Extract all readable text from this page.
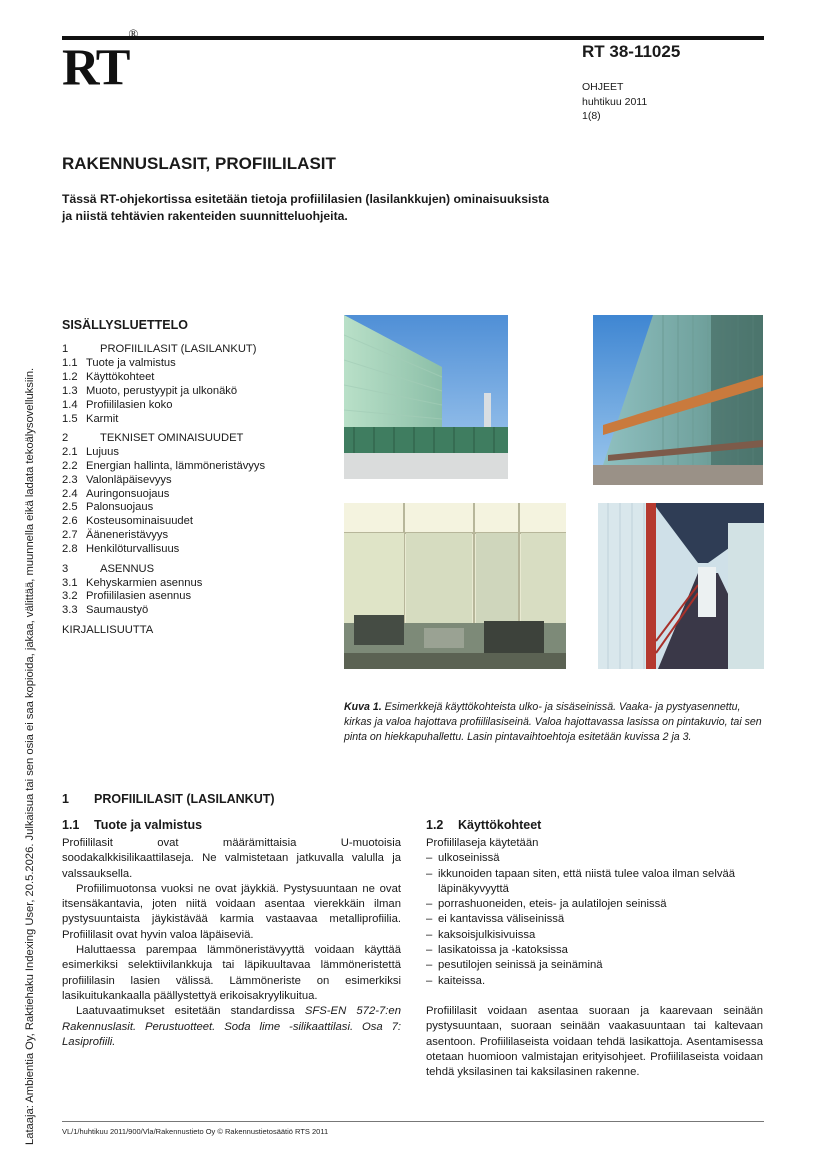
RT®
RT 38-11025
OHJEET
huhtikuu 2011
1(8)
RAKENNUSLASIT, PROFIILILASIT
Tässä RT-ohjekortissa esitetään tietoja profiililasien (lasilankkujen) ominaisuuksista ja niistä tehtävien rakenteiden suunnitteluohjeita.
Lataaja: Ambientia Oy, Raktiehaku Indexing User, 20.5.2026. Julkaisua tai sen osia ei saa kopioida, jakaa, välittää, muunnella eikä ladata tekoälysovelluksiin.
SISÄLLYSLUETTELO
1	PROFIILILASIT (LASILANKUT)
1.1 Tuote ja valmistus
1.2 Käyttökohteet
1.3 Muoto, perustyypit ja ulkonäkö
1.4 Profiililasien koko
1.5 Karmit
2	TEKNISET OMINAISUUDET
2.1 Lujuus
2.2 Energian hallinta, lämmöneristävyys
2.3 Valonläpäisevyys
2.4 Auringonsuojaus
2.5 Palonsuojaus
2.6 Kosteusominaisuudet
2.7 Ääneneristävyys
2.8 Henkilöturvallisuus
3	ASENNUS
3.1 Kehyskarmien asennus
3.2 Profiililasien asennus
3.3 Saumaustyö
KIRJALLISUUTTA
Kuva 1. Esimerkkejä käyttökohteista ulko- ja sisäseinissä. Vaaka- ja pystyasennettu, kirkas ja valoa hajottava profiililasiseinä. Valoa hajottavassa lasissa on pintakuvio, tai sen pinta on hiekkapuhallettu. Lasin pintavaihtoehtoja esitetään kuvissa 2 ja 3.
1 PROFIILILASIT (LASILANKUT)
1.1 Tuote ja valmistus

Profiililasit ovat määrämittaisia U-muotoisia soodakalkkisilikaattilaseja. Ne valmistetaan jatkuvalla valulla ja valssauksella.

Profiilimuotonsa vuoksi ne ovat jäykkiä. Pystysuuntaan ne ovat itsensäkantavia, joten niitä voidaan asentaa vierekkäin ilman pystysuuntaista jäykistävää karmia vastaavaa metalliprofiilia. Profiililasit ovat hyvin valoa läpäiseviä.

Haluttaessa parempaa lämmöneristävyyttä voidaan käyttää esimerkiksi selektiivilankkuja tai läpikuultavaa lämmöneristettä profiililasin lasien välissä. Lämmöneriste on esimerkiksi lasikuitukankaalla päällystettyä erikoisakryylikuitua.

Laatuvaatimukset esitetään standardissa SFS-EN 572-7:en Rakennuslasit. Perustuotteet. Soda lime -silikaattilasi. Osa 7: Lasiprofiili.

1.2 Käyttökohteet

Profiililaseja käytetään

– ulkoseinissä
– ikkunoiden tapaan siten, että niistä tulee valoa ilman selvää läpinäkyvyyttä
– porrashuoneiden, eteis- ja aulatilojen seinissä
– ei kantavissa väliseinissä
– kaksoisjulkisivuissa
– lasikatoissa ja -katoksissa
– pesutilojen seinissä ja seinäminä
– kaiteissa.

Profiililasit voidaan asentaa suoraan ja kaarevaan seinään pystysuuntaan, suoraan seinään vaakasuuntaan tai kaltevaan asentoon. Profiililaseista voidaan tehdä lasikattoja. Asentamisessa otetaan huomioon valmistajan erityisohjeet. Profiililaseista voidaan tehdä yksilasinen tai kaksilasinen rakenne.

VL/1/huhtikuu 2011/900/Vla/Rakennustieto Oy © Rakennustietosäätiö RTS 2011
